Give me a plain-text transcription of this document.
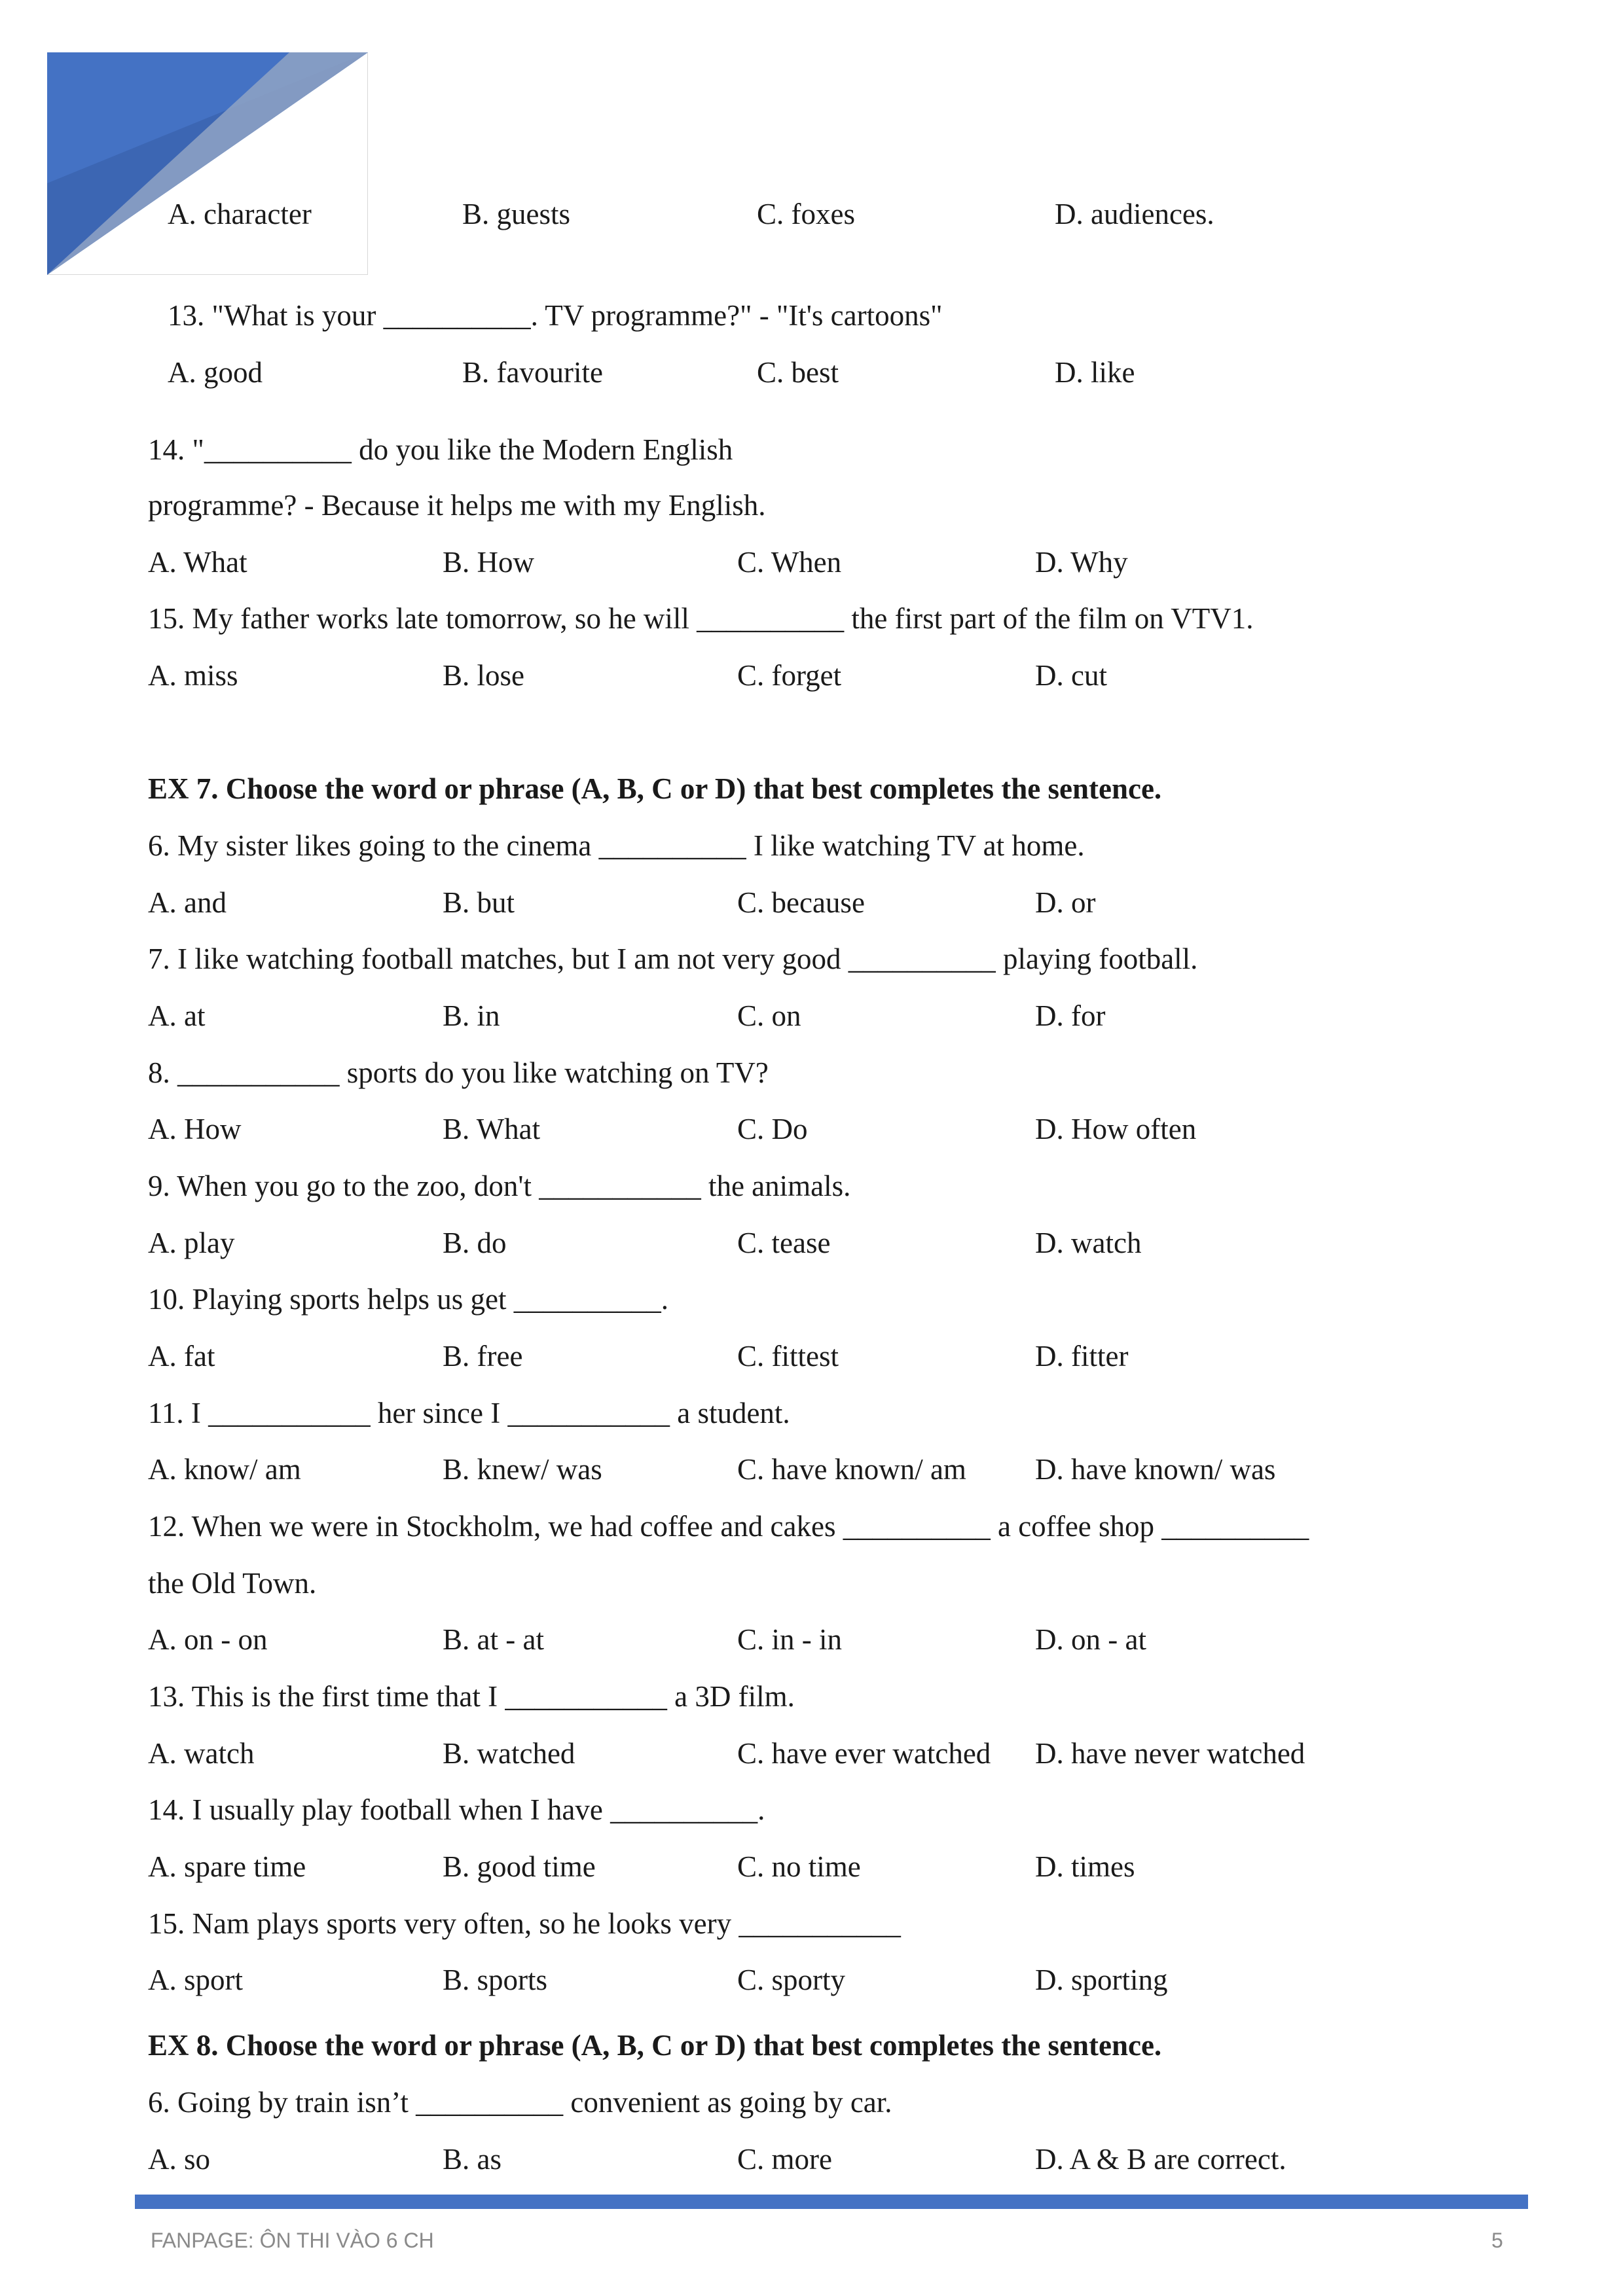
A. character	B. guests	C. foxes	D. audiences.
13. "What is your __________. TV programme?" - "It's cartoons"
A. good	B. favourite	C. best	D. like
14. "__________ do you like the Modern English
programme? - Because it helps me with my English.
A. What	B. How	C. When	D. Why
15. My father works late tomorrow, so he will __________ the first part of the film on VTV1.
A. miss	B. lose	C. forget	D. cut
EX 7. Choose the word or phrase (A, B, C or D) that best completes the sentence.
6. My sister likes going to the cinema __________ I like watching TV at home.
A. and	B. but	C. because	D. or
7. I like watching football matches, but I am not very good __________ playing football.
A. at	B. in	C. on	D. for
8. ___________ sports do you like watching on TV?
A. How	B. What	C. Do	D. How often
9. When you go to the zoo, don't ___________ the animals.
A. play	B. do	C. tease	D. watch
10. Playing sports helps us get __________.
A. fat	B. free	C. fittest	D. fitter
11. I ___________ her since I ___________ a student.
A. know/ am	B. knew/ was	C. have known/ am D. have known/ was
12. When we were in Stockholm, we had coffee and cakes __________ a coffee shop __________
the Old Town.
A. on - on	B. at - at	C. in - in	D. on - at
13. This is the first time that I ___________ a 3D film.
A. watch	B. watched	C. have ever watched D. have never watched
14. I usually play football when I have __________.
A. spare time	B. good time	C. no time	D. times
15. Nam plays sports very often, so he looks very ___________
A. sport	B. sports	C. sporty	D. sporting
EX 8. Choose the word or phrase (A, B, C or D) that best completes the sentence.
6. Going by train isn’t __________ convenient as going by car.
A. so	B. as	C. more	D. A & B are correct.
FANPAGE: ÔN THI VÀO 6 CH	5
